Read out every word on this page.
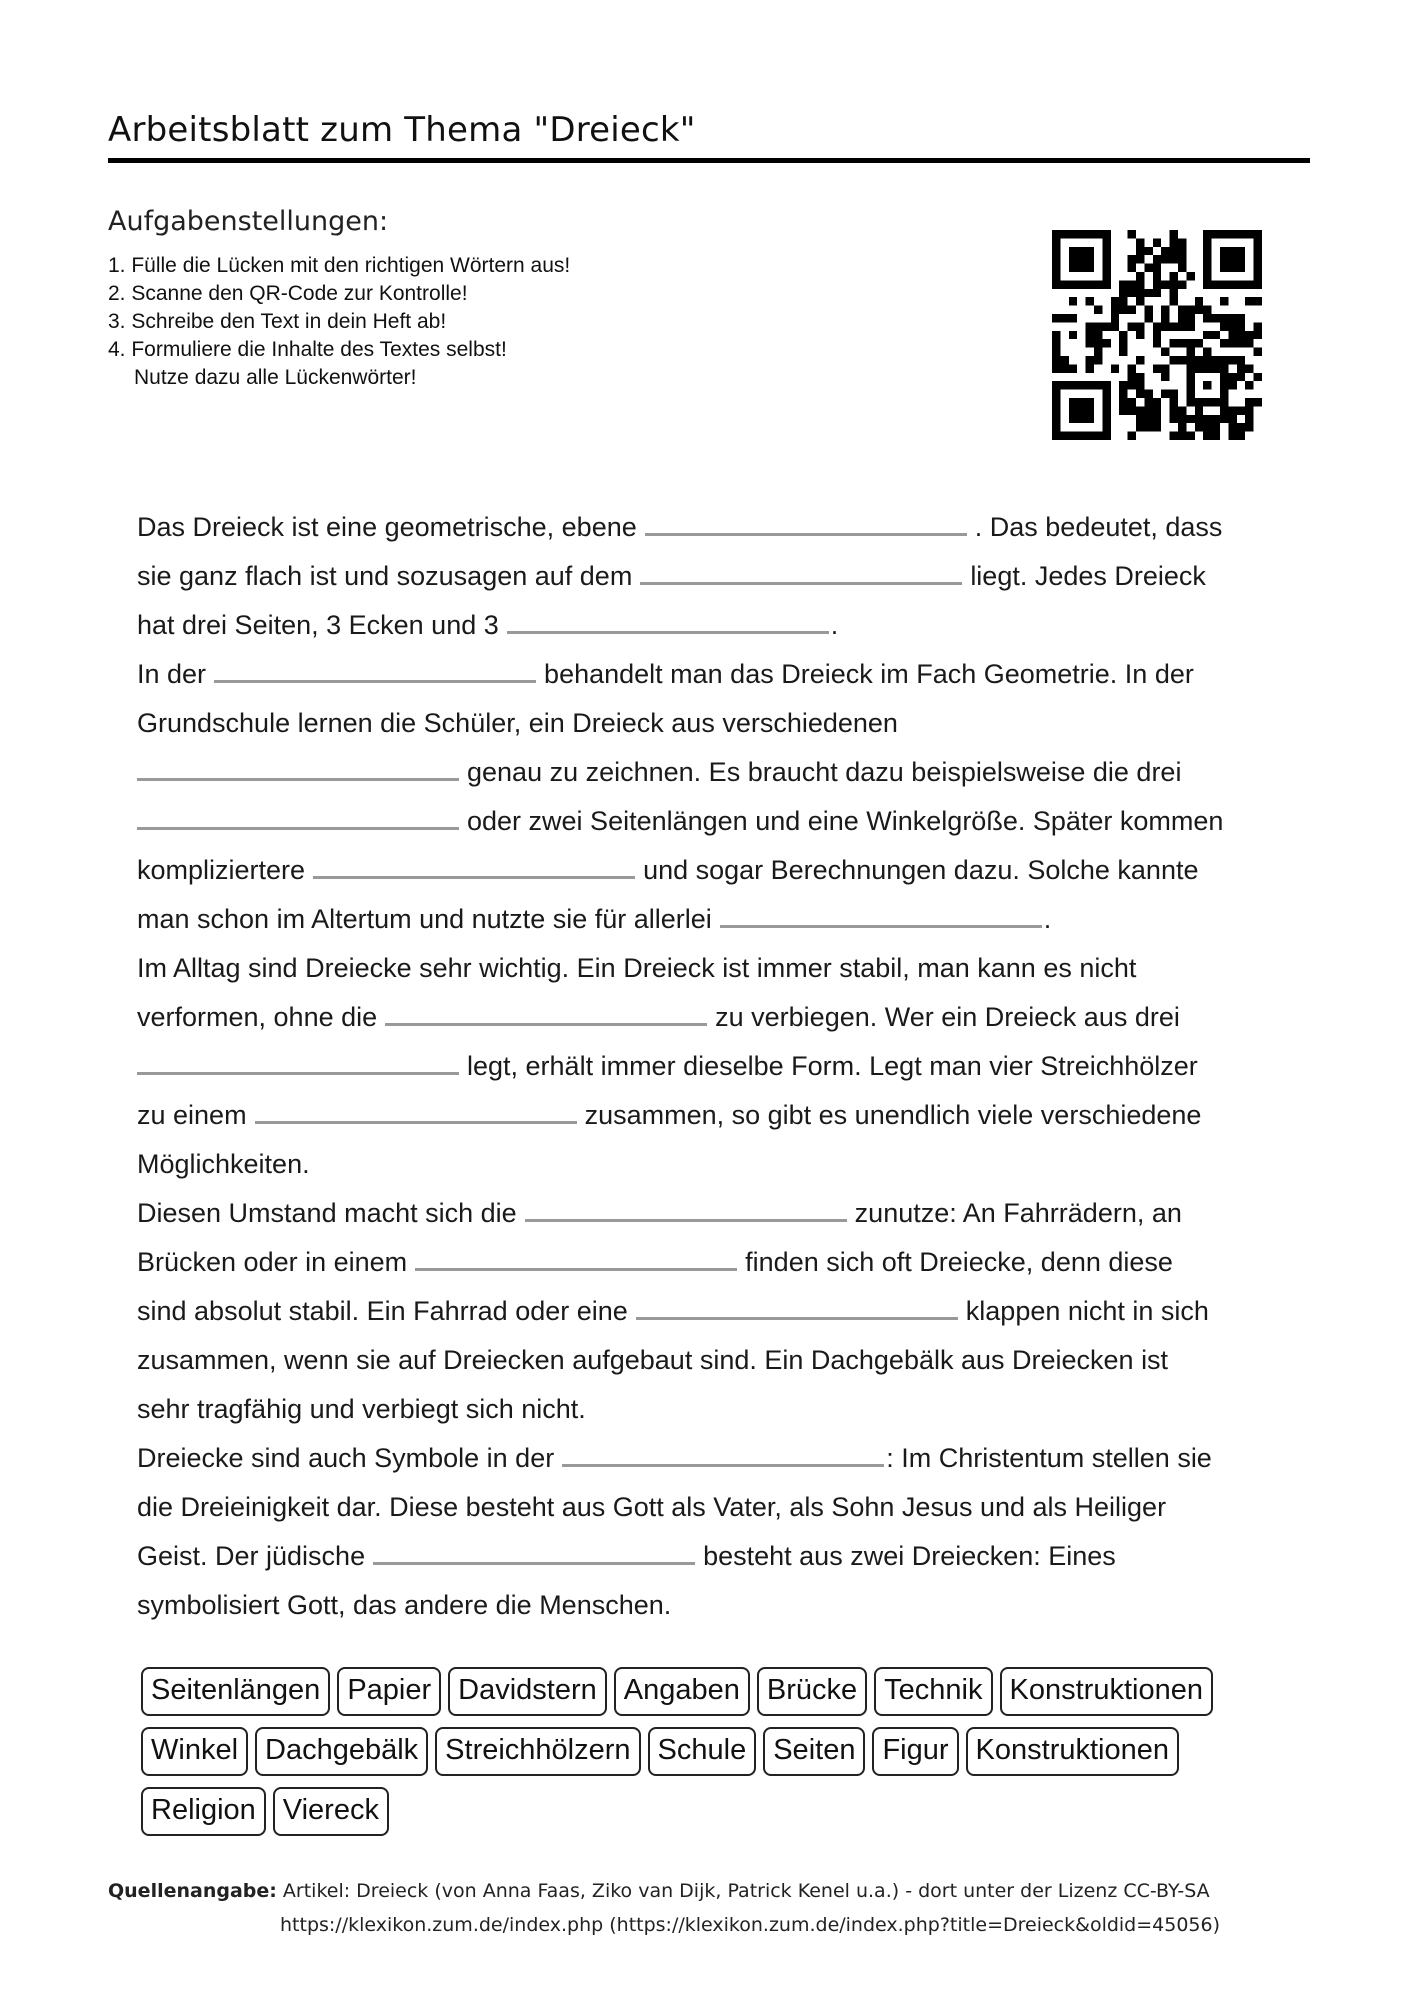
Arbeitsblatt zum Thema "Dreieck"
Aufgabenstellungen:
1. Fülle die Lücken mit den richtigen Wörtern aus!
2. Scanne den QR-Code zur Kontrolle!
3. Schreibe den Text in dein Heft ab!
4. Formuliere die Inhalte des Textes selbst!
Nutze dazu alle Lückenwörter!
Das Dreieck ist eine geometrische, ebene	. Das bedeutet, dass
sie ganz flach ist und sozusagen auf dem	liegt. Jedes Dreieck
hat drei Seiten, 3 Ecken und 3	.
In der	behandelt man das Dreieck im Fach Geometrie. In der
Grundschule lernen die Schüler, ein Dreieck aus verschiedenen
genau zu zeichnen. Es braucht dazu beispielsweise die drei
oder zwei Seitenlängen und eine Winkelgröße. Später kommen
kompliziertere	und sogar Berechnungen dazu. Solche kannte
man schon im Altertum und nutzte sie für allerlei	.
Im Alltag sind Dreiecke sehr wichtig. Ein Dreieck ist immer stabil, man kann es nicht
verformen, ohne die	zu verbiegen. Wer ein Dreieck aus drei
legt, erhält immer dieselbe Form. Legt man vier Streichhölzer
zu einem	zusammen, so gibt es unendlich viele verschiedene
Möglichkeiten.
Diesen Umstand macht sich die	zunutze: An Fahrrädern, an
Brücken oder in einem	finden sich oft Dreiecke, denn diese
sind absolut stabil. Ein Fahrrad oder eine	klappen nicht in sich
zusammen, wenn sie auf Dreiecken aufgebaut sind. Ein Dachgebälk aus Dreiecken ist
sehr tragfähig und verbiegt sich nicht.
Dreiecke sind auch Symbole in der	: Im Christentum stellen sie
die Dreieinigkeit dar. Diese besteht aus Gott als Vater, als Sohn Jesus und als Heiliger
Geist. Der jüdische	besteht aus zwei Dreiecken: Eines
symbolisiert Gott, das andere die Menschen.
Seitenlängen Papier Davidstern Angaben Brücke Technik Konstruktionen
Winkel Dachgebälk Streichhölzern Schule Seiten Figur Konstruktionen
Religion Viereck
Quellenangabe: Artikel: Dreieck (von Anna Faas, Ziko van Dijk, Patrick Kenel u.a.) - dort unter der Lizenz CC-BY-SA
https://klexikon.zum.de/index.php (https://klexikon.zum.de/index.php?title=Dreieck&oldid=45056)
